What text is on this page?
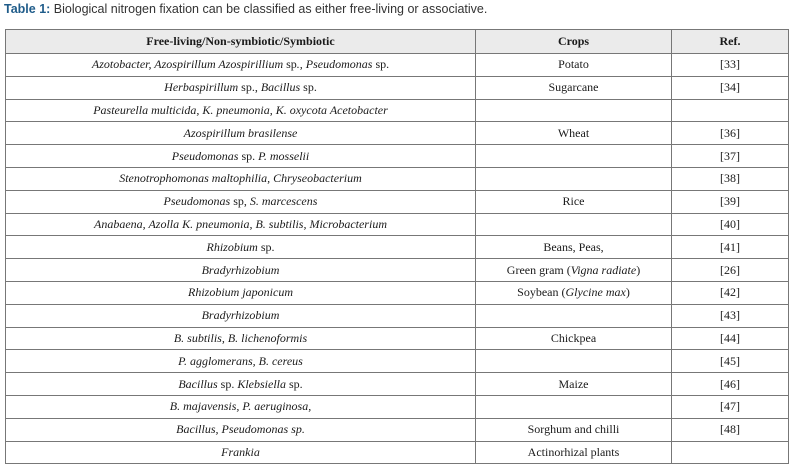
Table 1: Biological nitrogen fixation can be classified as either free-living or associative.
Free-living/Non-symbiotic/Symbiotic	Crops	Ref.
Azotobacter, Azospirillum Azospirillium sp., Pseudomonas sp.	Potato	[33]
Herbaspirillum sp., Bacillus sp.	Sugarcane	[34]
Pasteurella multicida, K. pneumonia, K. oxycota Acetobacter		
Azospirillum brasilense	Wheat	[36]
Pseudomonas sp. P. mosselii		[37]
Stenotrophomonas maltophilia, Chryseobacterium		[38]
Pseudomonas sp, S. marcescens	Rice	[39]
Anabaena, Azolla K. pneumonia, B. subtilis, Microbacterium		[40]
Rhizobium sp.	Beans, Peas,	[41]
Bradyrhizobium	Green gram (Vigna radiate)	[26]
Rhizobium japonicum	Soybean (Glycine max)	[42]
Bradyrhizobium		[43]
B. subtilis, B. lichenoformis	Chickpea	[44]
P. agglomerans, B. cereus		[45]
Bacillus sp. Klebsiella sp.	Maize	[46]
B. majavensis, P. aeruginosa,		[47]
Bacillus, Pseudomonas sp.	Sorghum and chilli	[48]
Frankia	Actinorhizal plants	
